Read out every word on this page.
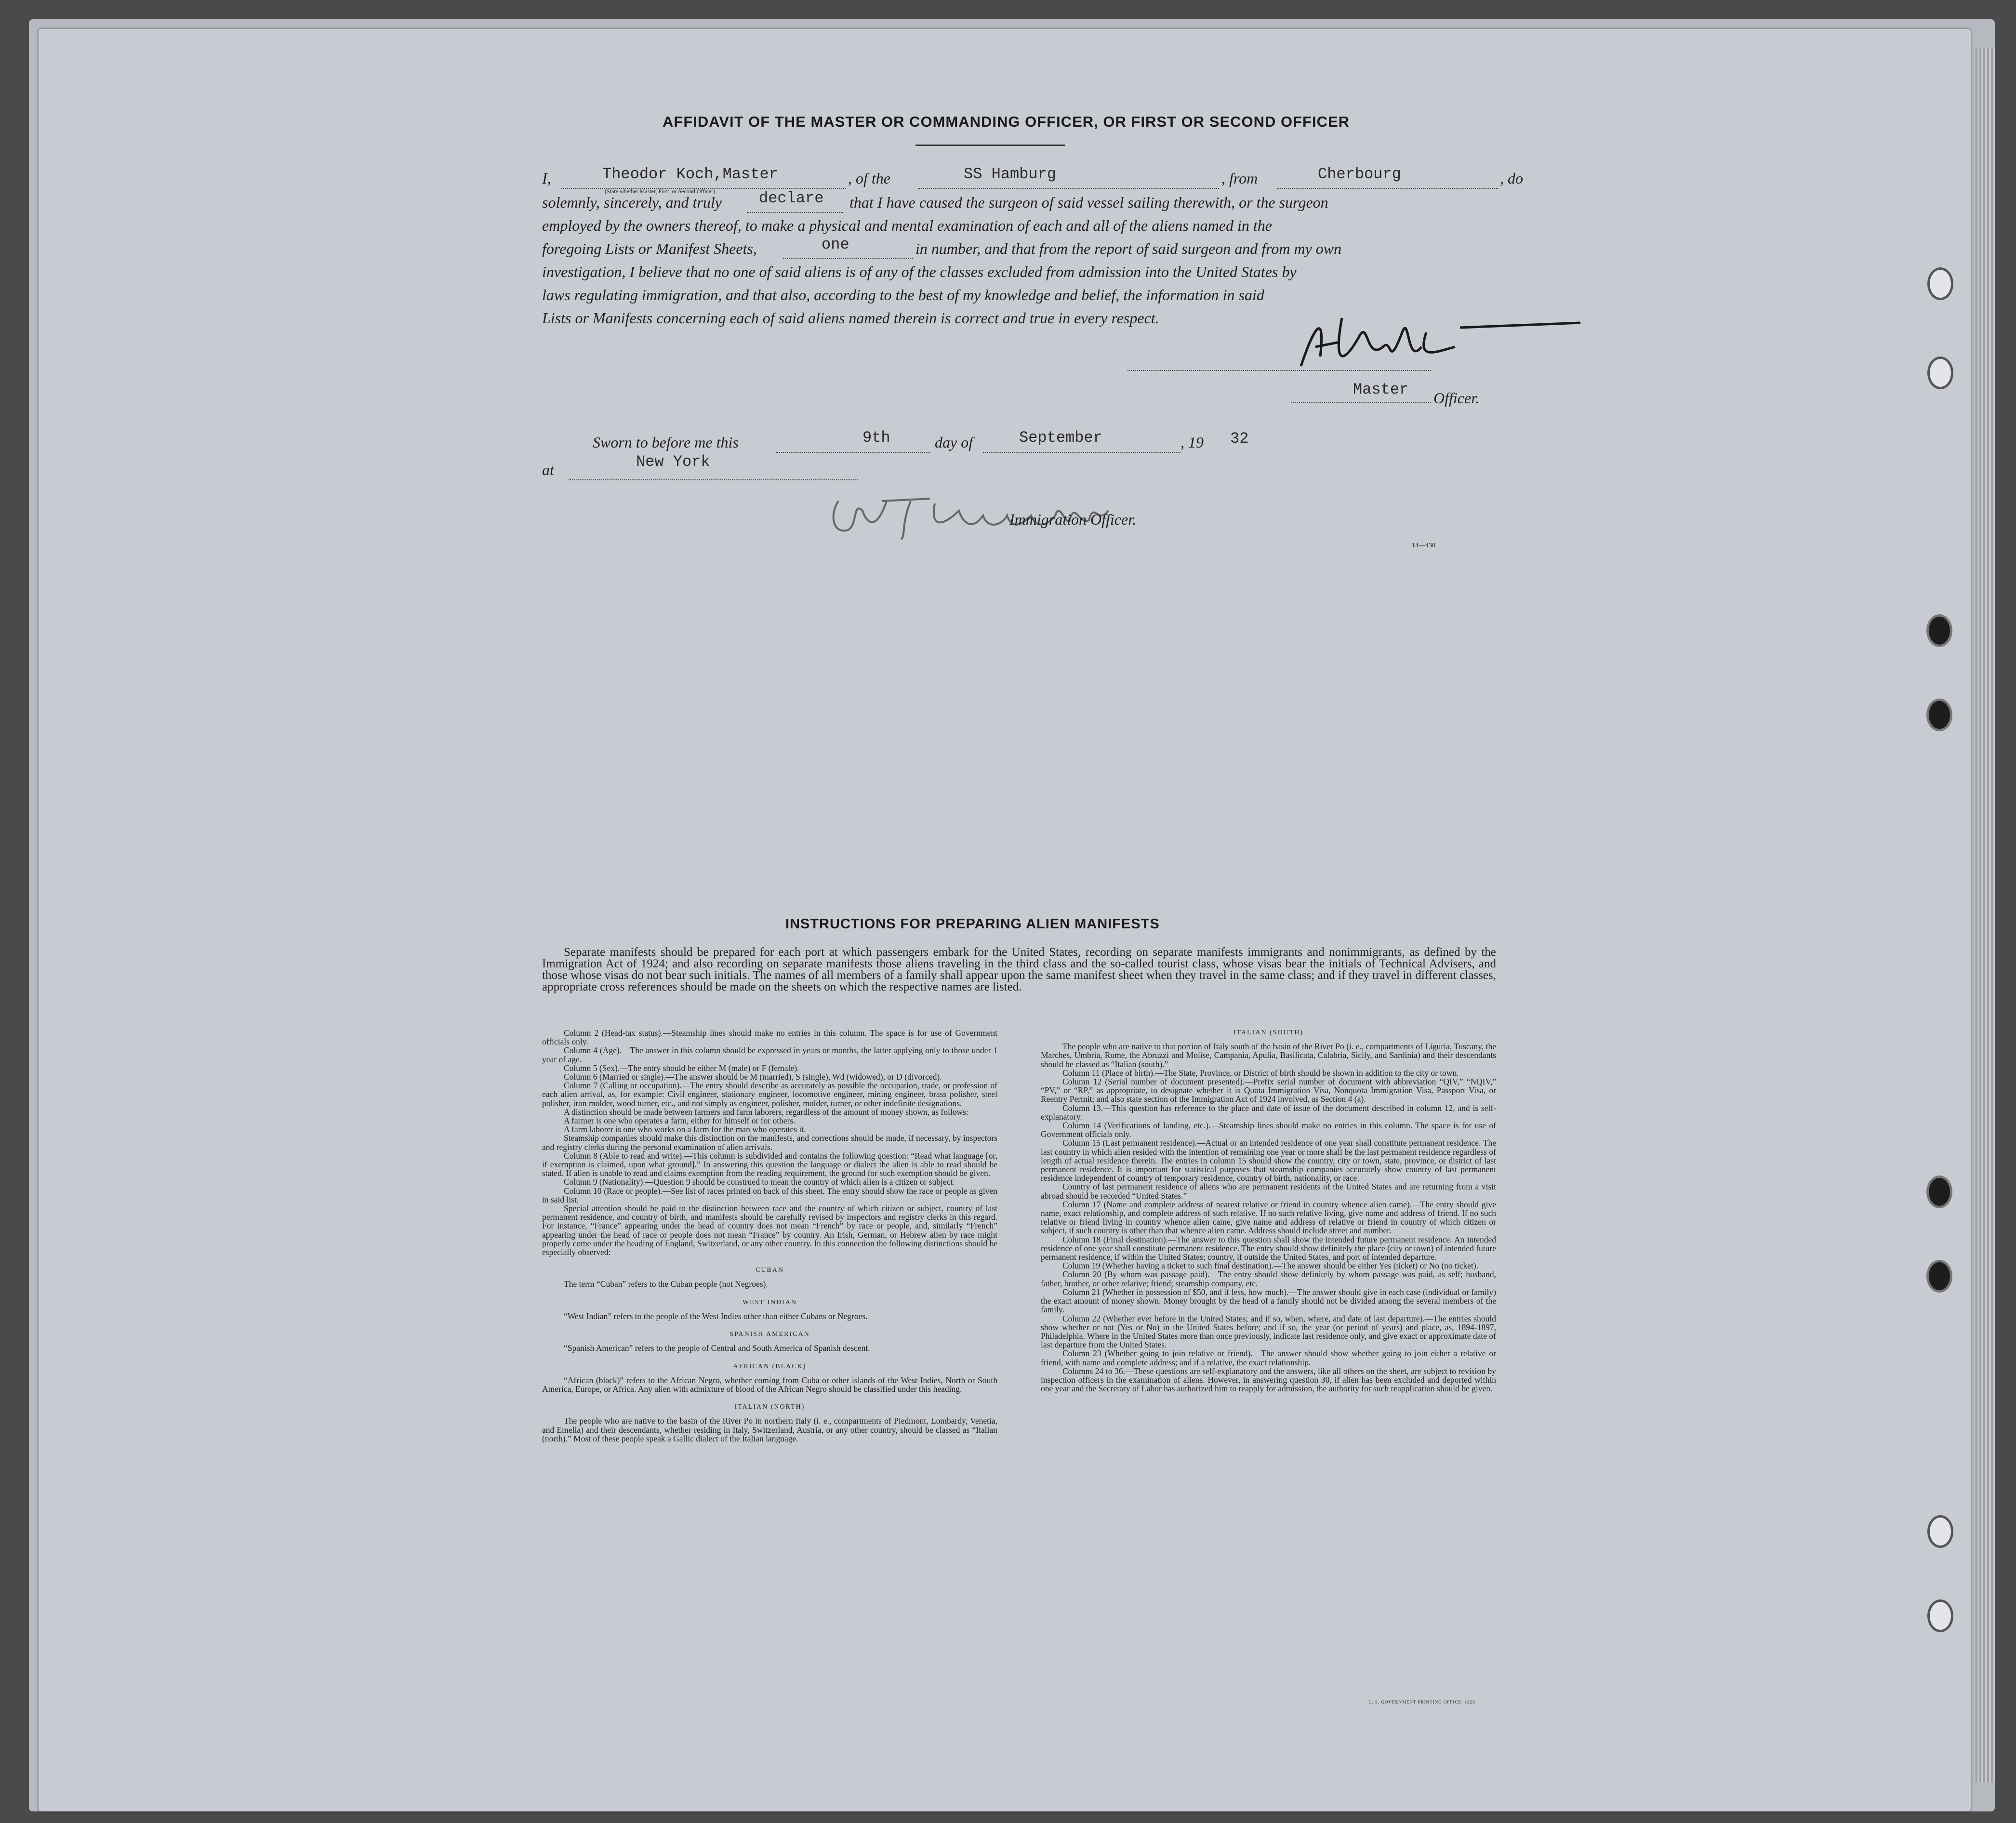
AFFIDAVIT OF THE MASTER OR COMMANDING OFFICER, OR FIRST OR SECOND OFFICER
I,	Theodor Koch,Master	, of the	SS Hamburg	, from	Cherbourg	, do
(State whether Master, First, or Second Officer)
solemnly, sincerely, and truly declare that I have caused the surgeon of said vessel sailing therewith, or the surgeon
employed by the owners thereof, to make a physical and mental examination of each and all of the aliens named in the
foregoing Lists or Manifest Sheets,	one	in number, and that from the report of said surgeon and from my own
investigation, I believe that no one of said aliens is of any of the classes excluded from admission into the United States by
laws regulating immigration, and that also, according to the best of my knowledge and belief, the information in said
Lists or Manifests concerning each of said aliens named therein is correct and true in every respect.
Master Officer.
Sworn to before me this	9th	day of	September	, 19 32
at	New York
Immigration Officer.
14—430
INSTRUCTIONS FOR PREPARING ALIEN MANIFESTS
Separate manifests should be prepared for each port at which passengers embark for the United States, recording on separate manifests immigrants and nonimmigrants, as defined by the Immigration Act of 1924; and also recording on separate manifests those aliens traveling in the third class and the so-called tourist class, whose visas bear the initials of Technical Advisers, and those whose visas do not bear such initials. The names of all members of a family shall appear upon the same manifest sheet when they travel in the same class; and if they travel in different classes, appropriate cross references should be made on the sheets on which the respective names are listed.

Column 2 (Head-tax status).—Steamship lines should make no entries in this column. The space is for use of Government officials only.

Column 4 (Age).—The answer in this column should be expressed in years or months, the latter applying only to those under 1 year of age.

Column 5 (Sex).—The entry should be either M (male) or F (female).

Column 6 (Married or single).—The answer should be M (married), S (single), Wd (widowed), or D (divorced).

Column 7 (Calling or occupation).—The entry should describe as accurately as possible the occupation, trade, or profession of each alien arrival, as, for example: Civil engineer, stationary engineer, locomotive engineer, mining engineer, brass polisher, steel polisher, iron molder, wood turner, etc., and not simply as engineer, polisher, molder, turner, or other indefinite designations.

A distinction should be made between farmers and farm laborers, regardless of the amount of money shown, as follows:

A farmer is one who operates a farm, either for himself or for others.

A farm laborer is one who works on a farm for the man who operates it.

Steamship companies should make this distinction on the manifests, and corrections should be made, if necessary, by inspectors and registry clerks during the personal examination of alien arrivals.

Column 8 (Able to read and write).—This column is subdivided and contains the following question: “Read what language [or, if exemption is claimed, upon what ground].” In answering this question the language or dialect the alien is able to read should be stated. If alien is unable to read and claims exemption from the reading requirement, the ground for such exemption should be given.

Column 9 (Nationality).—Question 9 should be construed to mean the country of which alien is a citizen or subject.

Column 10 (Race or people).—See list of races printed on back of this sheet. The entry should show the race or people as given in said list.

Special attention should be paid to the distinction between race and the country of which citizen or subject, country of last permanent residence, and country of birth, and manifests should be carefully revised by inspectors and registry clerks in this regard. For instance, “France” appearing under the head of country does not mean “French” by race or people, and, similarly “French” appearing under the head of race or people does not mean “France” by country. An Irish, German, or Hebrew alien by race might properly come under the heading of England, Switzerland, or any other country. In this connection the following distinctions should be especially observed:

CUBAN

The term “Cuban” refers to the Cuban people (not Negroes).

WEST INDIAN

“West Indian” refers to the people of the West Indies other than either Cubans or Negroes.

SPANISH AMERICAN

“Spanish American” refers to the people of Central and South America of Spanish descent.

AFRICAN (BLACK)

“African (black)” refers to the African Negro, whether coming from Cuba or other islands of the West Indies, North or South America, Europe, or Africa. Any alien with admixture of blood of the African Negro should be classified under this heading.

ITALIAN (NORTH)

The people who are native to the basin of the River Po in northern Italy (i. e., compartments of Piedmont, Lombardy, Venetia, and Emelia) and their descendants, whether residing in Italy, Switzerland, Austria, or any other country, should be classed as “Italian (north).” Most of these people speak a Gallic dialect of the Italian language.

ITALIAN (SOUTH)

The people who are native to that portion of Italy south of the basin of the River Po (i. e., compartments of Liguria, Tuscany, the Marches, Umbria, Rome, the Abruzzi and Molise, Campania, Apulia, Basilicata, Calabria, Sicily, and Sardinia) and their descendants should be classed as “Italian (south).”

Column 11 (Place of birth).—The State, Province, or District of birth should be shown in addition to the city or town.

Column 12 (Serial number of document presented).—Prefix serial number of document with abbreviation “QIV,” “NQIV,” “PV,” or “RP,” as appropriate, to designate whether it is Quota Immigration Visa, Nonquota Immigration Visa, Passport Visa, or Reentry Permit; and also state section of the Immigration Act of 1924 involved, as Section 4 (a).

Column 13.—This question has reference to the place and date of issue of the document described in column 12, and is self-explanatory.

Column 14 (Verifications of landing, etc.).—Steamship lines should make no entries in this column. The space is for use of Government officials only.

Column 15 (Last permanent residence).—Actual or an intended residence of one year shall constitute permanent residence. The last country in which alien resided with the intention of remaining one year or more shall be the last permanent residence regardless of length of actual residence therein. The entries in column 15 should show the country, city or town, state, province, or district of last permanent residence. It is important for statistical purposes that steamship companies accurately show country of last permanent residence independent of country of temporary residence, country of birth, nationality, or race.

Country of last permanent residence of aliens who are permanent residents of the United States and are returning from a visit abroad should be recorded “United States.”

Column 17 (Name and complete address of nearest relative or friend in country whence alien came).—The entry should give name, exact relationship, and complete address of such relative. If no such relative living, give name and address of friend. If no such relative or friend living in country whence alien came, give name and address of relative or friend in country of which citizen or subject, if such country is other than that whence alien came. Address should include street and number.

Column 18 (Final destination).—The answer to this question shall show the intended future permanent residence. An intended residence of one year shall constitute permanent residence. The entry should show definitely the place (city or town) of intended future permanent residence, if within the United States; country, if outside the United States, and port of intended departure.

Column 19 (Whether having a ticket to such final destination).—The answer should be either Yes (ticket) or No (no ticket).

Column 20 (By whom was passage paid).—The entry should show definitely by whom passage was paid, as self; husband, father, brother, or other relative; friend; steamship company, etc.

Column 21 (Whether in possession of $50, and if less, how much).—The answer should give in each case (individual or family) the exact amount of money shown. Money brought by the head of a family should not be divided among the several members of the family.

Column 22 (Whether ever before in the United States; and if so, when, where, and date of last departure).—The entries should show whether or not (Yes or No) in the United States before; and if so, the year (or period of years) and place, as, 1894-1897, Philadelphia. Where in the United States more than once previously, indicate last residence only, and give exact or approximate date of last departure from the United States.

Column 23 (Whether going to join relative or friend).—The answer should show whether going to join either a relative or friend, with name and complete address; and if a relative, the exact relationship.

Columns 24 to 36.—These questions are self-explanatory and the answers, like all others on the sheet, are subject to revision by inspection officers in the examination of aliens. However, in answering question 30, if alien has been excluded and deported within one year and the Secretary of Labor has authorized him to reapply for admission, the authority for such reapplication should be given.

U. S. GOVERNMENT PRINTING OFFICE: 1928
